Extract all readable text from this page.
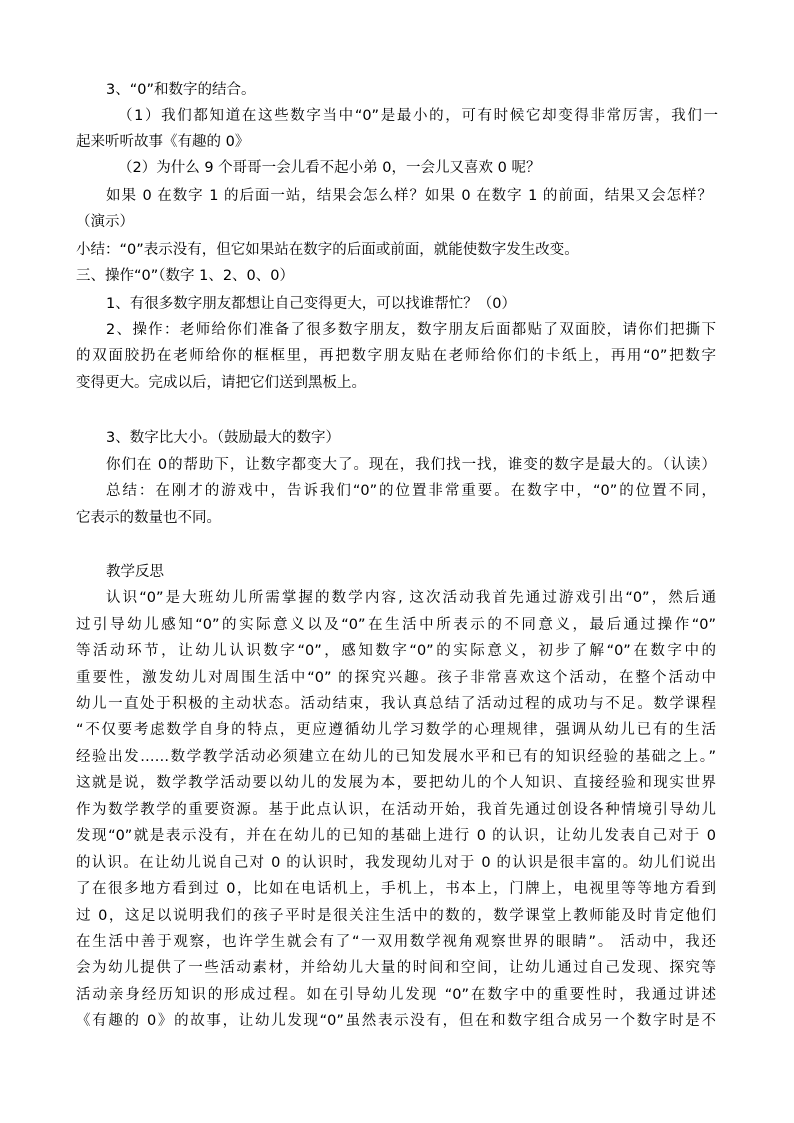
3、“0”和数字的结合。
（1）我们都知道在这些数字当中“0”是最小的，可有时候它却变得非常厉害，我们一
起来听听故事《有趣的 0》
（2）为什么 9 个哥哥一会儿看不起小弟 0，一会儿又喜欢 0 呢？
如果 0 在数字 1 的后面一站，结果会怎么样？如果 0 在数字 1 的前面，结果又会怎样？
（演示）
小结：“0”表示没有，但它如果站在数字的后面或前面，就能使数字发生改变。
三、操作“0”（数字 1、2、0、0）
1、有很多数字朋友都想让自己变得更大，可以找谁帮忙？（0）
2、操作：老师给你们准备了很多数字朋友，数字朋友后面都贴了双面胶，请你们把撕下
的双面胶扔在老师给你的框框里，再把数字朋友贴在老师给你们的卡纸上，再用“0”把数字
变得更大。完成以后，请把它们送到黑板上。
3、数字比大小。（鼓励最大的数字）
你们在 0的帮助下，让数字都变大了。现在，我们找一找，谁变的数字是最大的。（认读）
总结：在刚才的游戏中，告诉我们“0”的位置非常重要。在数字中，“0”的位置不同，
它表示的数量也不同。
教学反思
认识“0”是大班幼儿所需掌握的数学内容, 这次活动我首先通过游戏引出“0”，然后通
过引导幼儿感知“0”的实际意义以及“0”在生活中所表示的不同意义，最后通过操作“0”
等活动环节，让幼儿认识数字“0”，感知数字“0”的实际意义，初步了解“0”在数字中的
重要性，激发幼儿对周围生活中“0” 的探究兴趣。孩子非常喜欢这个活动，在整个活动中
幼儿一直处于积极的主动状态。活动结束，我认真总结了活动过程的成功与不足。数学课程
“不仅要考虑数学自身的特点，更应遵循幼儿学习数学的心理规律，强调从幼儿已有的生活
经验出发……数学教学活动必须建立在幼儿的已知发展水平和已有的知识经验的基础之上。”
这就是说，数学教学活动要以幼儿的发展为本，要把幼儿的个人知识、直接经验和现实世界
作为数学教学的重要资源。基于此点认识，在活动开始，我首先通过创设各种情境引导幼儿
发现“0”就是表示没有，并在在幼儿的已知的基础上进行 0 的认识，让幼儿发表自己对于 0
的认识。在让幼儿说自己对 0 的认识时，我发现幼儿对于 0 的认识是很丰富的。幼儿们说出
了在很多地方看到过 0，比如在电话机上，手机上，书本上，门牌上，电视里等等地方看到
过 0，这足以说明我们的孩子平时是很关注生活中的数的，数学课堂上教师能及时肯定他们
在生活中善于观察，也许学生就会有了“一双用数学视角观察世界的眼睛”。 活动中，我还
会为幼儿提供了一些活动素材，并给幼儿大量的时间和空间，让幼儿通过自己发现、探究等
活动亲身经历知识的形成过程。如在引导幼儿发现 “0”在数字中的重要性时，我通过讲述
《有趣的 0》的故事，让幼儿发现“0”虽然表示没有，但在和数字组合成另一个数字时是不
